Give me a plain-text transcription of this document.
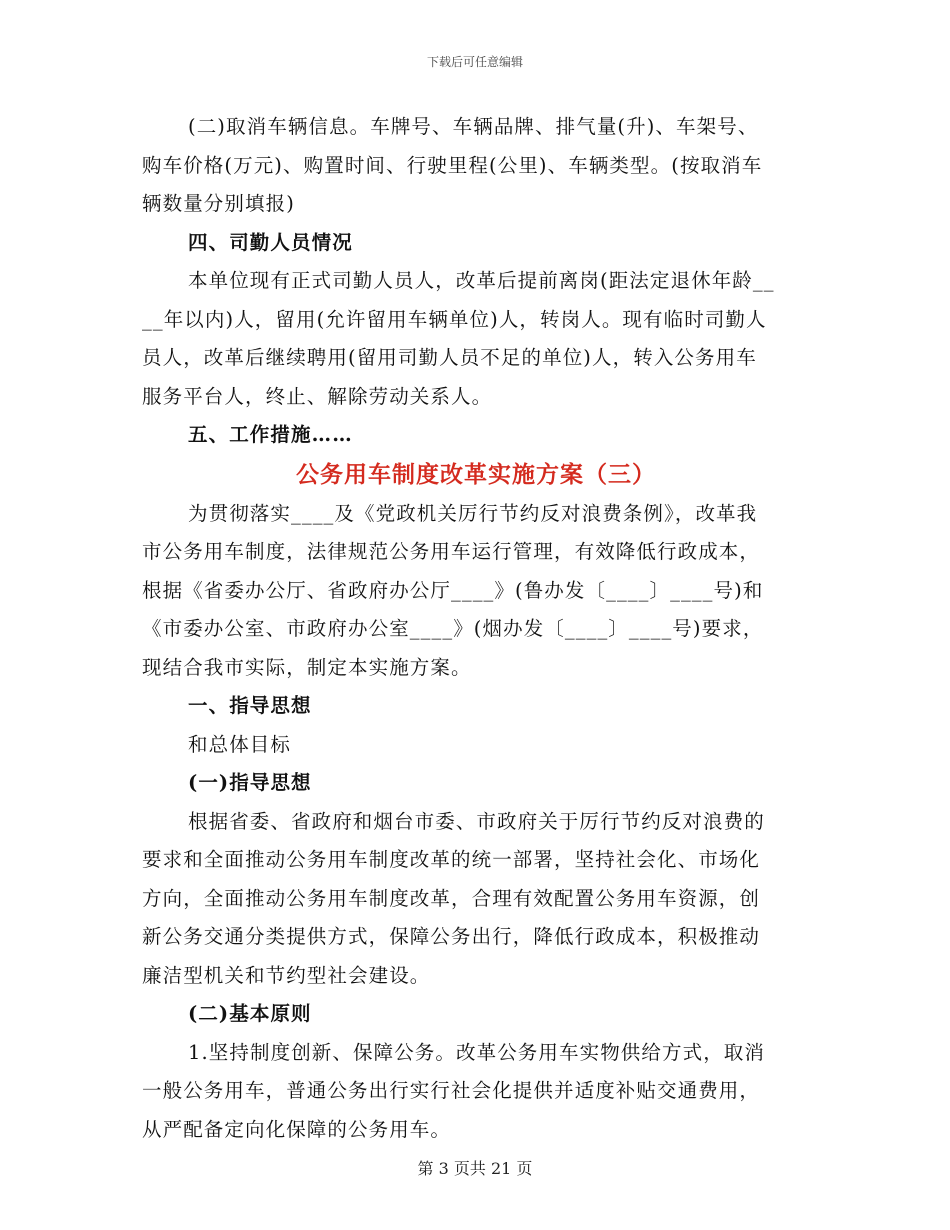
下载后可任意编辑
(二)取消车辆信息。车牌号、车辆品牌、排气量(升)、车架号、
购车价格(万元)、购置时间、行驶里程(公里)、车辆类型。(按取消车
辆数量分别填报)
四、司勤人员情况
本单位现有正式司勤人员人，改革后提前离岗(距法定退休年龄__
__年以内)人，留用(允许留用车辆单位)人，转岗人。现有临时司勤人
员人，改革后继续聘用(留用司勤人员不足的单位)人，转入公务用车
服务平台人，终止、解除劳动关系人。
五、工作措施……
公务用车制度改革实施方案（三）
为贯彻落实____及《党政机关厉行节约反对浪费条例》，改革我
市公务用车制度，法律规范公务用车运行管理，有效降低行政成本，
根据《省委办公厅、省政府办公厅____》(鲁办发〔____〕____号)和
《市委办公室、市政府办公室____》(烟办发〔____〕____号)要求，
现结合我市实际，制定本实施方案。
一、指导思想
和总体目标
(一)指导思想
根据省委、省政府和烟台市委、市政府关于厉行节约反对浪费的
要求和全面推动公务用车制度改革的统一部署，坚持社会化、市场化
方向，全面推动公务用车制度改革，合理有效配置公务用车资源，创
新公务交通分类提供方式，保障公务出行，降低行政成本，积极推动
廉洁型机关和节约型社会建设。
(二)基本原则
1.坚持制度创新、保障公务。改革公务用车实物供给方式，取消
一般公务用车，普通公务出行实行社会化提供并适度补贴交通费用，
从严配备定向化保障的公务用车。
第 3 页共 21 页
